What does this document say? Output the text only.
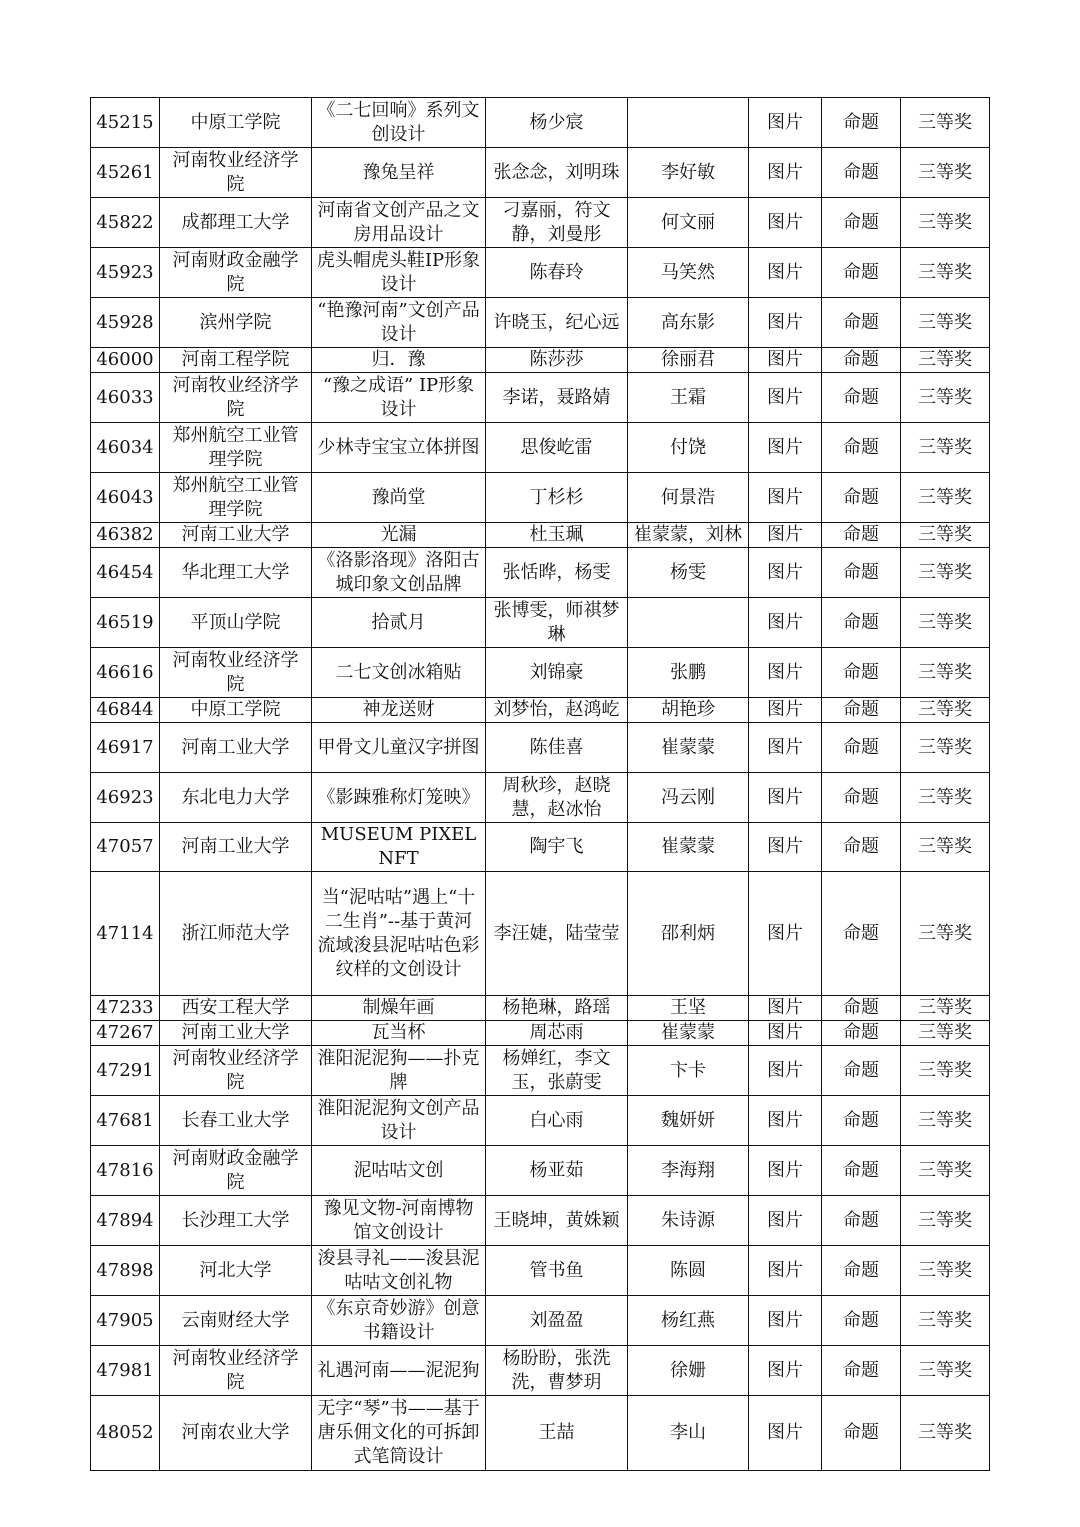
45215	中原工学院	《二七回响》系列文创设计	杨少宸		图片	命题	三等奖
45261	河南牧业经济学院	豫兔呈祥	张念念，刘明珠	李好敏	图片	命题	三等奖
45822	成都理工大学	河南省文创产品之文房用品设计	刁嘉丽，符文静，刘曼彤	何文丽	图片	命题	三等奖
45923	河南财政金融学院	虎头帽虎头鞋IP形象设计	陈春玲	马笑然	图片	命题	三等奖
45928	滨州学院	“艳豫河南”文创产品设计	许晓玉，纪心远	高东影	图片	命题	三等奖
46000	河南工程学院	归．豫	陈莎莎	徐丽君	图片	命题	三等奖
46033	河南牧业经济学院	“豫之成语” IP形象设计	李诺，聂路婧	王霜	图片	命题	三等奖
46034	郑州航空工业管理学院	少林寺宝宝立体拼图	思俊屹雷	付饶	图片	命题	三等奖
46043	郑州航空工业管理学院	豫尚堂	丁杉杉	何景浩	图片	命题	三等奖
46382	河南工业大学	光漏	杜玉珮	崔蒙蒙，刘林	图片	命题	三等奖
46454	华北理工大学	《洛影洛现》洛阳古城印象文创品牌	张恬晔，杨雯	杨雯	图片	命题	三等奖
46519	平顶山学院	拾贰月	张博雯，师祺梦琳		图片	命题	三等奖
46616	河南牧业经济学院	二七文创冰箱贴	刘锦豪	张鹏	图片	命题	三等奖
46844	中原工学院	神龙送财	刘梦怡，赵鸿屹	胡艳珍	图片	命题	三等奖
46917	河南工业大学	甲骨文儿童汉字拼图	陈佳喜	崔蒙蒙	图片	命题	三等奖
46923	东北电力大学	《影踈雅称灯笼映》	周秋珍，赵晓慧，赵冰怡	冯云刚	图片	命题	三等奖
47057	河南工业大学	MUSEUM PIXEL NFT	陶宇飞	崔蒙蒙	图片	命题	三等奖
47114	浙江师范大学	当“泥咕咕”遇上“十二生肖”--基于黄河流域浚县泥咕咕色彩纹样的文创设计	李汪婕，陆莹莹	邵利炳	图片	命题	三等奖
47233	西安工程大学	制燥年画	杨艳琳，路瑶	王坚	图片	命题	三等奖
47267	河南工业大学	瓦当杯	周芯雨	崔蒙蒙	图片	命题	三等奖
47291	河南牧业经济学院	淮阳泥泥狗——扑克牌	杨婵红，李文玉，张蔚雯	卞卡	图片	命题	三等奖
47681	长春工业大学	淮阳泥泥狗文创产品设计	白心雨	魏妍妍	图片	命题	三等奖
47816	河南财政金融学院	泥咕咕文创	杨亚茹	李海翔	图片	命题	三等奖
47894	长沙理工大学	豫见文物-河南博物馆文创设计	王晓坤，黄姝颖	朱诗源	图片	命题	三等奖
47898	河北大学	浚县寻礼——浚县泥咕咕文创礼物	管书鱼	陈圆	图片	命题	三等奖
47905	云南财经大学	《东京奇妙游》创意书籍设计	刘盈盈	杨红燕	图片	命题	三等奖
47981	河南牧业经济学院	礼遇河南——泥泥狗	杨盼盼，张洗洗，曹梦玥	徐姗	图片	命题	三等奖
48052	河南农业大学	无字“琴”书——基于唐乐佣文化的可拆卸式笔筒设计	王喆	李山	图片	命题	三等奖
